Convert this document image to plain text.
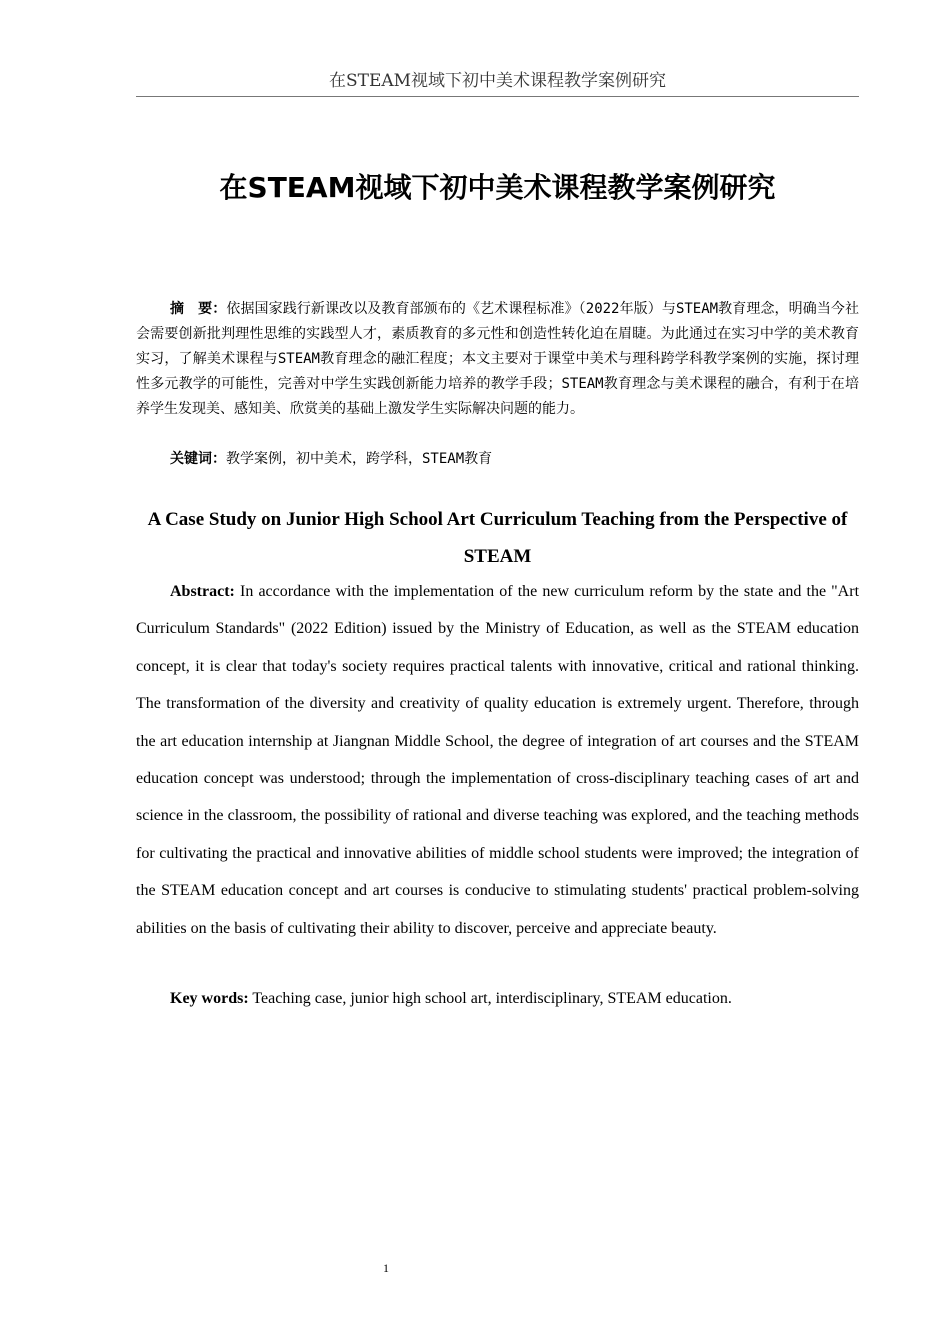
在STEAM视域下初中美术课程教学案例研究
在STEAM视域下初中美术课程教学案例研究

摘　要：依据国家践行新课改以及教育部颁布的《艺术课程标准》（2022年版）与STEAM教育理念，明确当今社会需要创新批判理性思维的实践型人才，素质教育的多元性和创造性转化迫在眉睫。为此通过在实习中学的美术教育实习，了解美术课程与STEAM教育理念的融汇程度；本文主要对于课堂中美术与理科跨学科教学案例的实施，探讨理性多元教学的可能性，完善对中学生实践创新能力培养的教学手段；STEAM教育理念与美术课程的融合，有利于在培养学生发现美、感知美、欣赏美的基础上激发学生实际解决问题的能力。

关键词：教学案例，初中美术，跨学科，STEAM教育

A Case Study on Junior High School Art Curriculum Teaching from the Perspective of STEAM

Abstract: In accordance with the implementation of the new curriculum reform by the state and the "Art Curriculum Standards" (2022 Edition) issued by the Ministry of Education, as well as the STEAM education concept, it is clear that today's society requires practical talents with innovative, critical and rational thinking. The transformation of the diversity and creativity of quality education is extremely urgent. Therefore, through the art education internship at Jiangnan Middle School, the degree of integration of art courses and the STEAM education concept was understood; through the implementation of cross-disciplinary teaching cases of art and science in the classroom, the possibility of rational and diverse teaching was explored, and the teaching methods for cultivating the practical and innovative abilities of middle school students were improved; the integration of the STEAM education concept and art courses is conducive to stimulating students' practical problem-solving abilities on the basis of cultivating their ability to discover, perceive and appreciate beauty.

Key words: Teaching case, junior high school art, interdisciplinary, STEAM education.

1
